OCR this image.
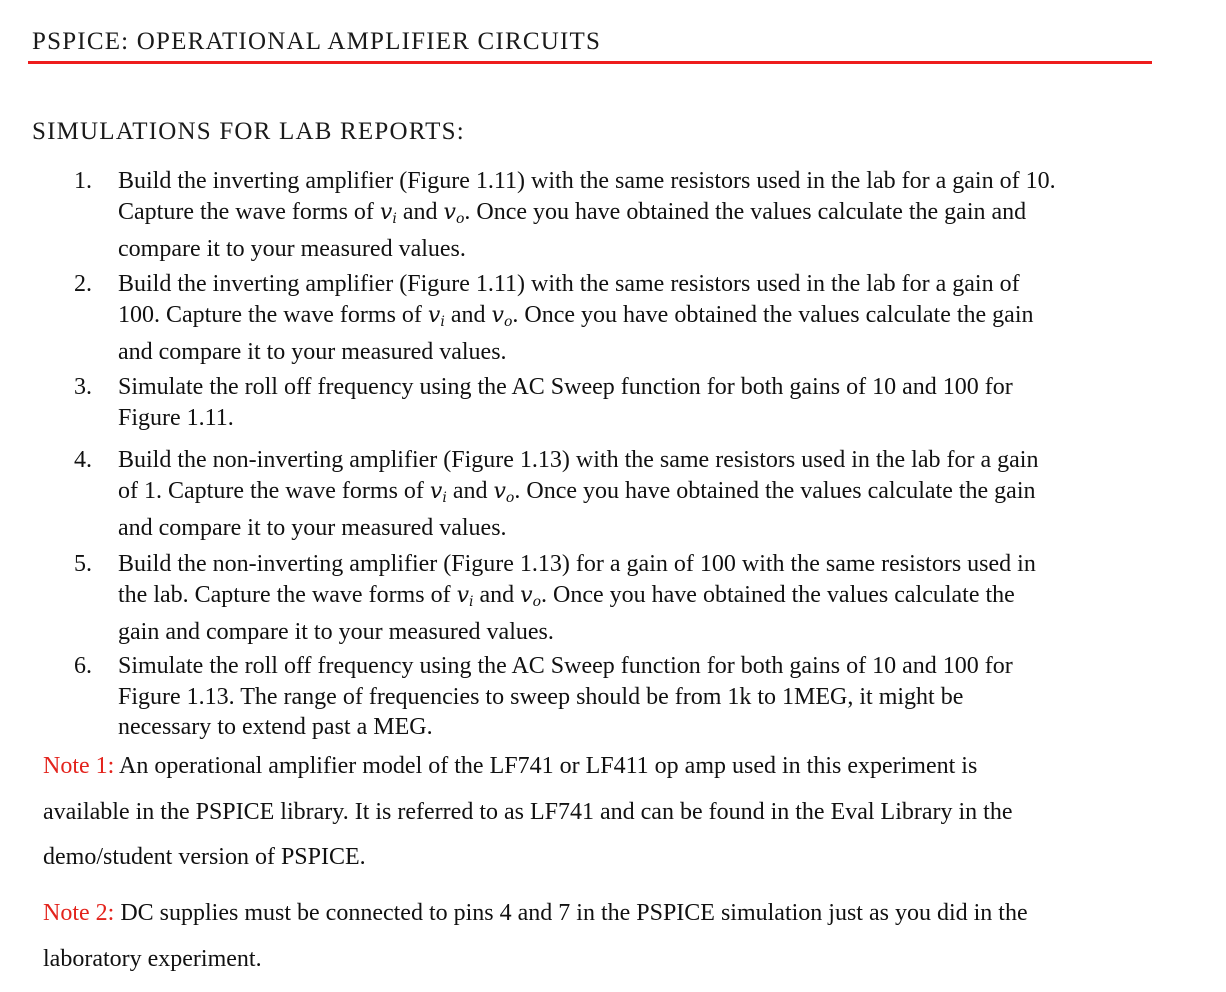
PSPICE: OPERATIONAL AMPLIFIER CIRCUITS
SIMULATIONS FOR LAB REPORTS:
1. Build the inverting amplifier (Figure 1.11) with the same resistors used in the lab for a gain of 10.
Capture the wave forms of $v_i$ and $v_o$. Once you have obtained the values calculate the gain and
compare it to your measured values.
2. Build the inverting amplifier (Figure 1.11) with the same resistors used in the lab for a gain of
100. Capture the wave forms of $v_i$ and $v_o$. Once you have obtained the values calculate the gain
and compare it to your measured values.
3. Simulate the roll off frequency using the AC Sweep function for both gains of 10 and 100 for
Figure 1.11.
4. Build the non-inverting amplifier (Figure 1.13) with the same resistors used in the lab for a gain
of 1. Capture the wave forms of $v_i$ and $v_o$. Once you have obtained the values calculate the gain
and compare it to your measured values.
5. Build the non-inverting amplifier (Figure 1.13) for a gain of 100 with the same resistors used in
the lab. Capture the wave forms of $v_i$ and $v_o$. Once you have obtained the values calculate the
gain and compare it to your measured values.
6. Simulate the roll off frequency using the AC Sweep function for both gains of 10 and 100 for
Figure 1.13. The range of frequencies to sweep should be from 1k to 1MEG, it might be
necessary to extend past a MEG.
Note 1: An operational amplifier model of the LF741 or LF411 op amp used in this experiment is
available in the PSPICE library. It is referred to as LF741 and can be found in the Eval Library in the
demo/student version of PSPICE.
Note 2: DC supplies must be connected to pins 4 and 7 in the PSPICE simulation just as you did in the
laboratory experiment.
